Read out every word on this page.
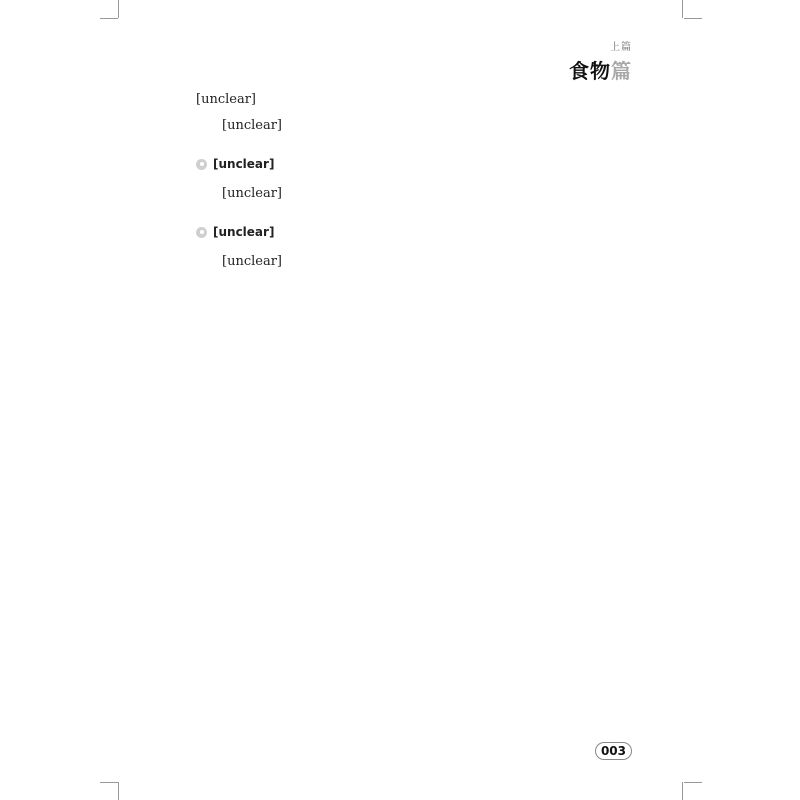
上篇
食物篇

[unclear]

[unclear]

[unclear]

[unclear]

[unclear]

[unclear]

003
